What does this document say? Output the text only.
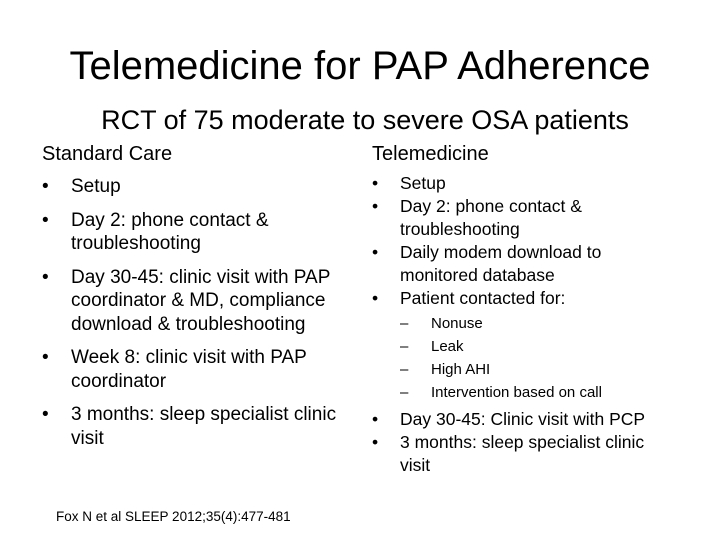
Telemedicine for PAP Adherence
RCT of 75 moderate to severe OSA patients
Standard Care	Telemedicine
• Setup
• Day 2: phone contact & troubleshooting
• Day 30-45: clinic visit with PAP coordinator & MD, compliance download & troubleshooting
• Week 8: clinic visit with PAP coordinator
• 3 months: sleep specialist clinic visit
• Setup
• Day 2: phone contact & troubleshooting
• Daily modem download to monitored database
• Patient contacted for:
– Nonuse
– Leak
– High AHI
– Intervention based on call
• Day 30-45: Clinic visit with PCP
• 3 months: sleep specialist clinic visit
Fox N et al SLEEP 2012;35(4):477-481
